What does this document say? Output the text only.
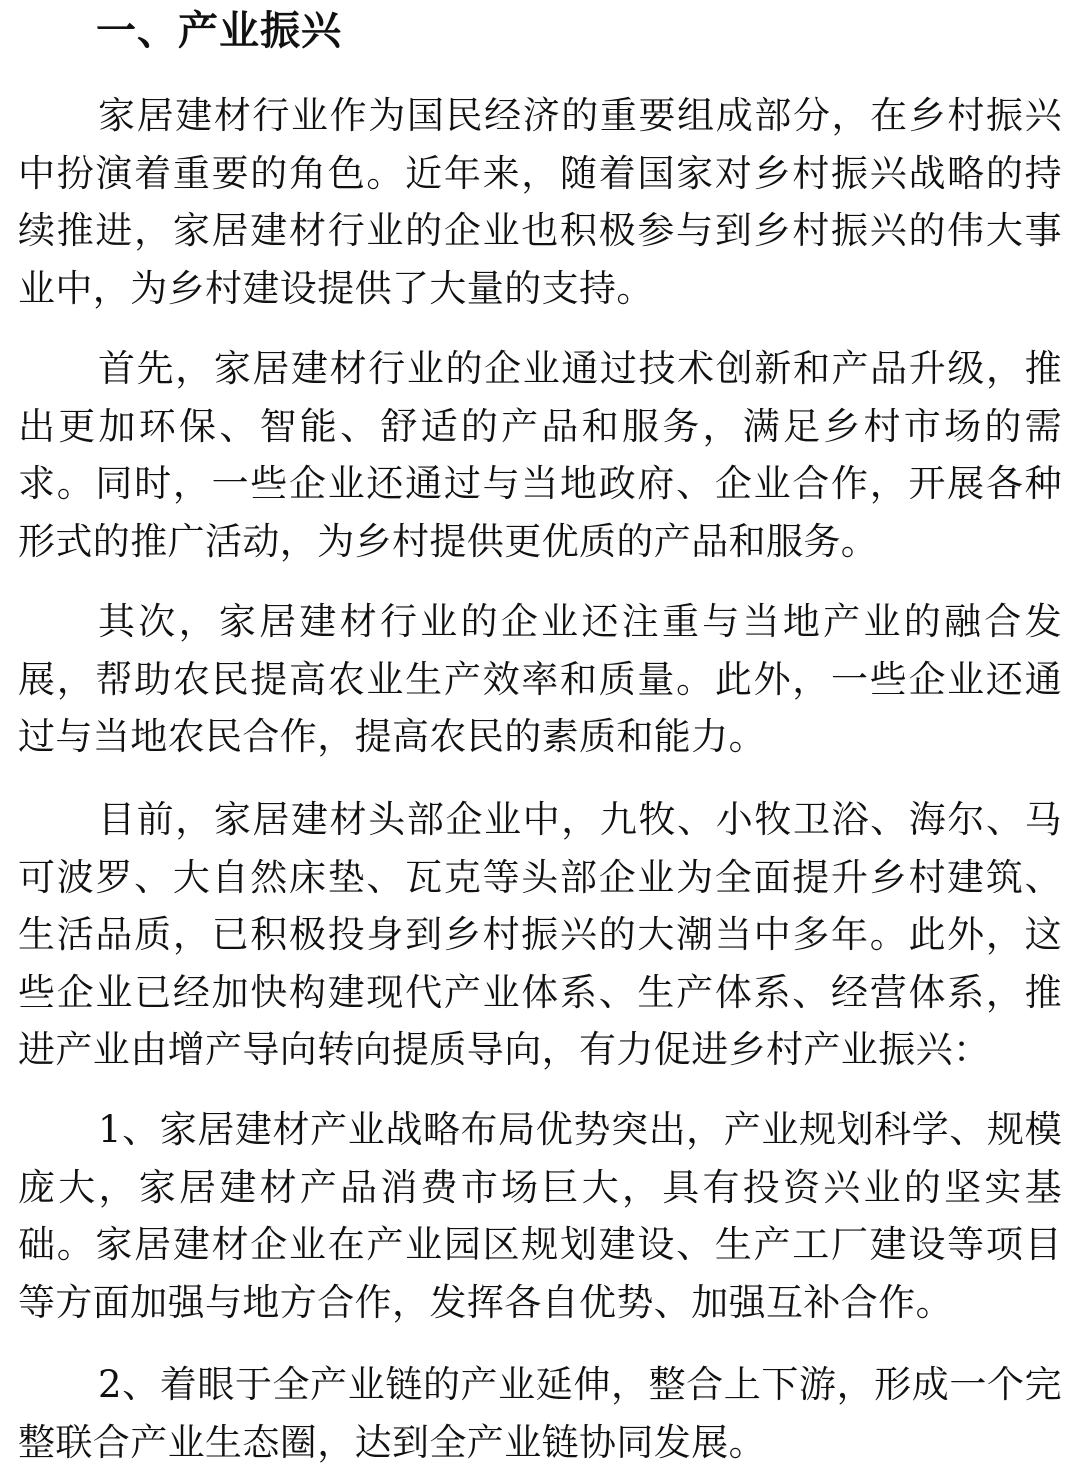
一、产业振兴

家居建材行业作为国民经济的重要组成部分，在乡村振兴中扮演着重要的角色。近年来，随着国家对乡村振兴战略的持续推进，家居建材行业的企业也积极参与到乡村振兴的伟大事业中，为乡村建设提供了大量的支持。

首先，家居建材行业的企业通过技术创新和产品升级，推出更加环保、智能、舒适的产品和服务，满足乡村市场的需求。同时，一些企业还通过与当地政府、企业合作，开展各种形式的推广活动，为乡村提供更优质的产品和服务。

其次，家居建材行业的企业还注重与当地产业的融合发展，帮助农民提高农业生产效率和质量。此外，一些企业还通过与当地农民合作，提高农民的素质和能力。

目前，家居建材头部企业中，九牧、小牧卫浴、海尔、马可波罗、大自然床垫、瓦克等头部企业为全面提升乡村建筑、生活品质，已积极投身到乡村振兴的大潮当中多年。此外，这些企业已经加快构建现代产业体系、生产体系、经营体系，推进产业由增产导向转向提质导向，有力促进乡村产业振兴：

1、家居建材产业战略布局优势突出，产业规划科学、规模庞大，家居建材产品消费市场巨大，具有投资兴业的坚实基础。家居建材企业在产业园区规划建设、生产工厂建设等项目等方面加强与地方合作，发挥各自优势、加强互补合作。

2、着眼于全产业链的产业延伸，整合上下游，形成一个完整联合产业生态圈，达到全产业链协同发展。
